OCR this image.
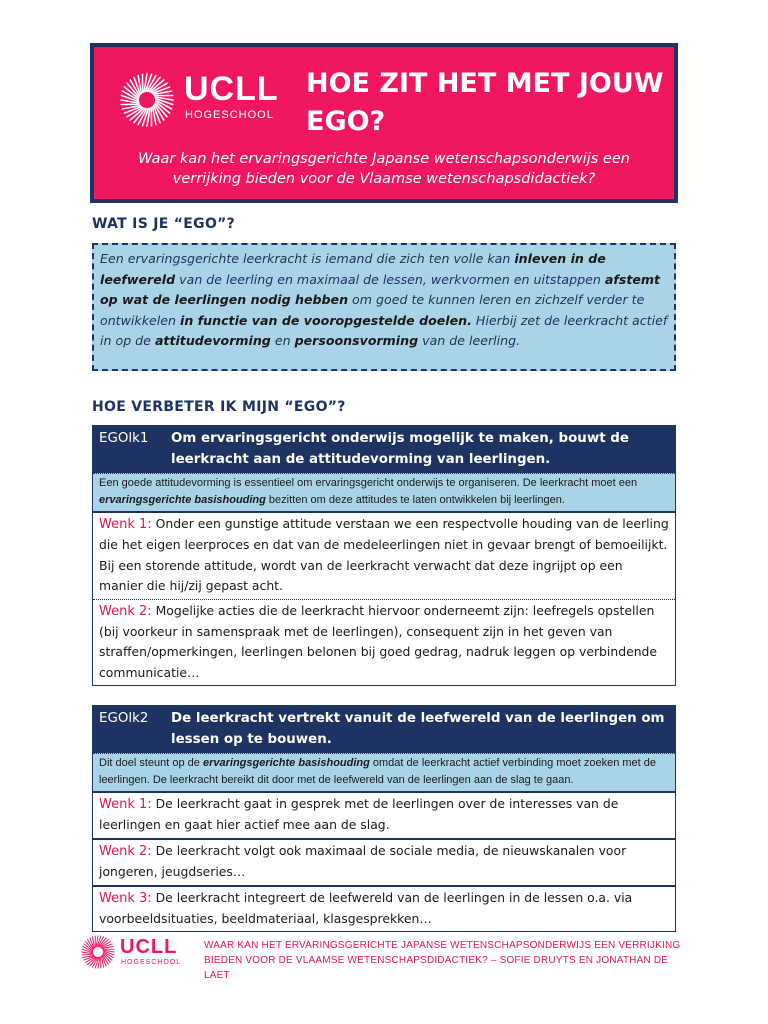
UCLL
HOGESCHOOL
HOE ZIT HET MET JOUW EGO?
Waar kan het ervaringsgerichte Japanse wetenschapsonderwijs een verrijking bieden voor de Vlaamse wetenschapsdidactiek?
WAT IS JE “EGO”?
Een ervaringsgerichte leerkracht is iemand die zich ten volle kan inleven in de leefwereld van de leerling en maximaal de lessen, werkvormen en uitstappen afstemt op wat de leerlingen nodig hebben om goed te kunnen leren en zichzelf verder te ontwikkelen in functie van de vooropgestelde doelen. Hierbij zet de leerkracht actief in op de attitudevorming en persoonsvorming van de leerling.
HOE VERBETER IK MIJN “EGO”?
EGOlk1	Om ervaringsgericht onderwijs mogelijk te maken, bouwt de leerkracht aan de attitudevorming van leerlingen.
Een goede attitudevorming is essentieel om ervaringsgericht onderwijs te organiseren. De leerkracht moet een ervaringsgerichte basishouding bezitten om deze attitudes te laten ontwikkelen bij leerlingen.
Wenk 1: Onder een gunstige attitude verstaan we een respectvolle houding van de leerling die het eigen leerproces en dat van de medeleerlingen niet in gevaar brengt of bemoeilijkt. Bij een storende attitude, wordt van de leerkracht verwacht dat deze ingrijpt op een manier die hij/zij gepast acht.
Wenk 2: Mogelijke acties die de leerkracht hiervoor onderneemt zijn: leefregels opstellen (bij voorkeur in samenspraak met de leerlingen), consequent zijn in het geven van straffen/opmerkingen, leerlingen belonen bij goed gedrag, nadruk leggen op verbindende communicatie…
EGOlk2	De leerkracht vertrekt vanuit de leefwereld van de leerlingen om lessen op te bouwen.
Dit doel steunt op de ervaringsgerichte basishouding omdat de leerkracht actief verbinding moet zoeken met de leerlingen. De leerkracht bereikt dit door met de leefwereld van de leerlingen aan de slag te gaan.
Wenk 1: De leerkracht gaat in gesprek met de leerlingen over de interesses van de leerlingen en gaat hier actief mee aan de slag.
Wenk 2: De leerkracht volgt ook maximaal de sociale media, de nieuwskanalen voor jongeren, jeugdseries…
Wenk 3: De leerkracht integreert de leefwereld van de leerlingen in de lessen o.a. via voorbeeldsituaties, beeldmateriaal, klasgesprekken…
UCLL
HOGESCHOOL
WAAR KAN HET ERVARINGSGERICHTE JAPANSE WETENSCHAPSONDERWIJS EEN VERRIJKING BIEDEN VOOR DE VLAAMSE WETENSCHAPSDIDACTIEK? – SOFIE DRUYTS EN JONATHAN DE LAET
